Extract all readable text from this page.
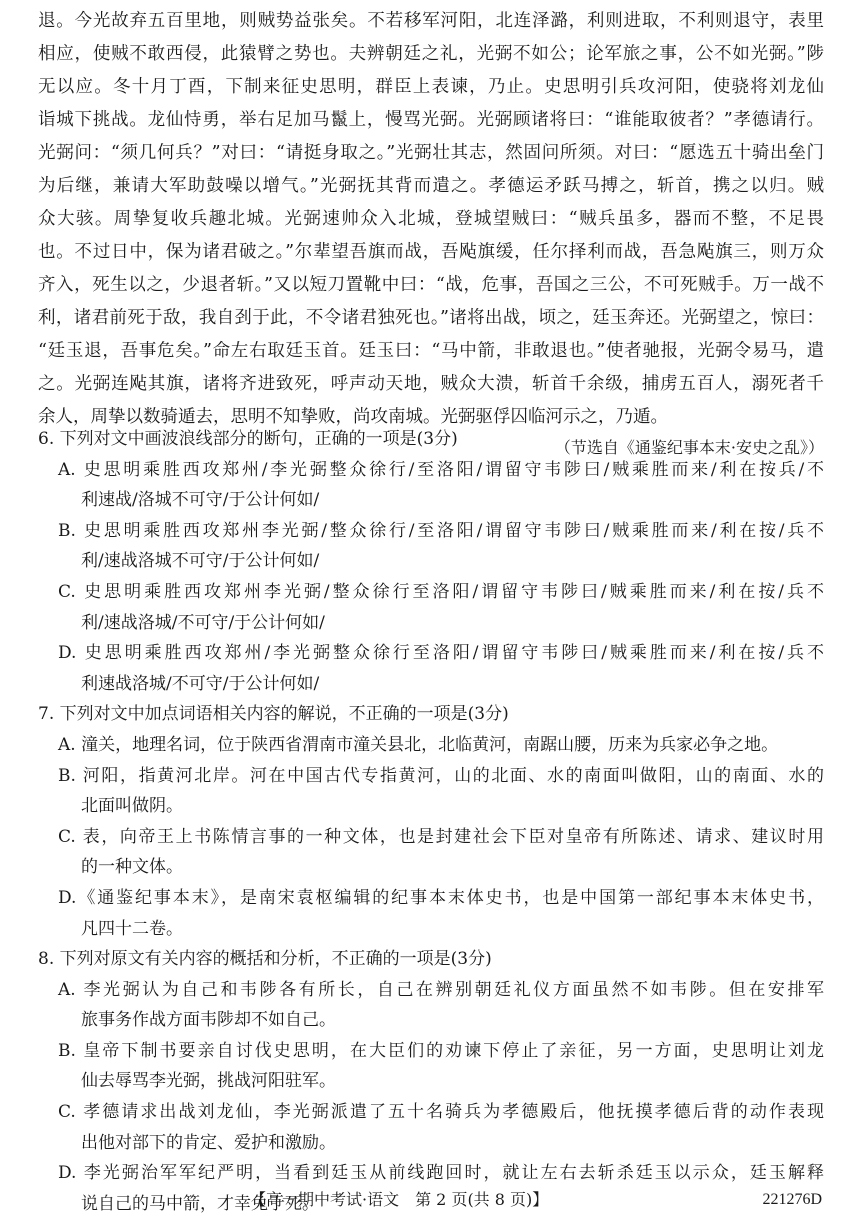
退。今光故弃五百里地，则贼势益张矣。不若移军河阳，北连泽潞，利则进取，不利则退守，表里
相应，使贼不敢西侵，此猿臂之势也。夫辨朝廷之礼，光弼不如公；论军旅之事，公不如光弼。”陟
无以应。冬十月丁酉，下制来征史思明，群臣上表谏，乃止。史思明引兵攻河阳，使骁将刘龙仙
诣城下挑战。龙仙恃勇，举右足加马鬣上，慢骂光弼。光弼顾诸将曰：“谁能取彼者？”孝德请行。
光弼问：“须几何兵？”对曰：“请挺身取之。”光弼壮其志，然固问所须。对曰：“愿选五十骑出垒门
为后继，兼请大军助鼓噪以增气。”光弼抚其背而遣之。孝德运矛跃马搏之，斩首，携之以归。贼
众大骇。周挚复收兵趣北城。光弼速帅众入北城，登城望贼曰：“贼兵虽多，器而不整，不足畏
也。不过日中，保为诸君破之。”尔辈望吾旗而战，吾飐旗缓，任尔择利而战，吾急飐旗三，则万众
齐入，死生以之，少退者斩。”又以短刀置靴中曰：“战，危事，吾国之三公，不可死贼手。万一战不
利，诸君前死于敌，我自刭于此，不令诸君独死也。”诸将出战，顷之，廷玉奔还。光弼望之，惊曰：
“廷玉退，吾事危矣。”命左右取廷玉首。廷玉曰：“马中箭，非敢退也。”使者驰报，光弼令易马，遣
之。光弼连飐其旗，诸将齐进致死，呼声动天地，贼众大溃，斩首千余级，捕虏五百人，溺死者千
余人，周挚以数骑遁去，思明不知挚败，尚攻南城。光弼驱俘囚临河示之，乃遁。
（节选自《通鉴纪事本末·安史之乱》）
6. 下列对文中画波浪线部分的断句，正确的一项是(3分)
A. 史思明乘胜西攻郑州/李光弼整众徐行/至洛阳/谓留守韦陟曰/贼乘胜而来/利在按兵/不
利速战/洛城不可守/于公计何如/
B. 史思明乘胜西攻郑州李光弼/整众徐行/至洛阳/谓留守韦陟曰/贼乘胜而来/利在按/兵不
利/速战洛城不可守/于公计何如/
C. 史思明乘胜西攻郑州李光弼/整众徐行至洛阳/谓留守韦陟曰/贼乘胜而来/利在按/兵不
利/速战洛城/不可守/于公计何如/
D. 史思明乘胜西攻郑州/李光弼整众徐行至洛阳/谓留守韦陟曰/贼乘胜而来/利在按/兵不
利速战洛城/不可守/于公计何如/
7. 下列对文中加点词语相关内容的解说，不正确的一项是(3分)
A. 潼关，地理名词，位于陕西省渭南市潼关县北，北临黄河，南踞山腰，历来为兵家必争之地。
B. 河阳，指黄河北岸。河在中国古代专指黄河，山的北面、水的南面叫做阳，山的南面、水的
北面叫做阴。
C. 表，向帝王上书陈情言事的一种文体，也是封建社会下臣对皇帝有所陈述、请求、建议时用
的一种文体。
D.《通鉴纪事本末》，是南宋袁枢编辑的纪事本末体史书，也是中国第一部纪事本末体史书，
凡四十二卷。
8. 下列对原文有关内容的概括和分析，不正确的一项是(3分)
A. 李光弼认为自己和韦陟各有所长，自己在辨别朝廷礼仪方面虽然不如韦陟。但在安排军
旅事务作战方面韦陟却不如自己。
B. 皇帝下制书要亲自讨伐史思明，在大臣们的劝谏下停止了亲征，另一方面，史思明让刘龙
仙去辱骂李光弼，挑战河阳驻军。
C. 孝德请求出战刘龙仙，李光弼派遣了五十名骑兵为孝德殿后，他抚摸孝德后背的动作表现
出他对部下的肯定、爱护和激励。
D. 李光弼治军军纪严明，当看到廷玉从前线跑回时，就让左右去斩杀廷玉以示众，廷玉解释
说自己的马中箭，才幸免于死。
【高一期中考试·语文　第 2 页(共 8 页)】	221276D
